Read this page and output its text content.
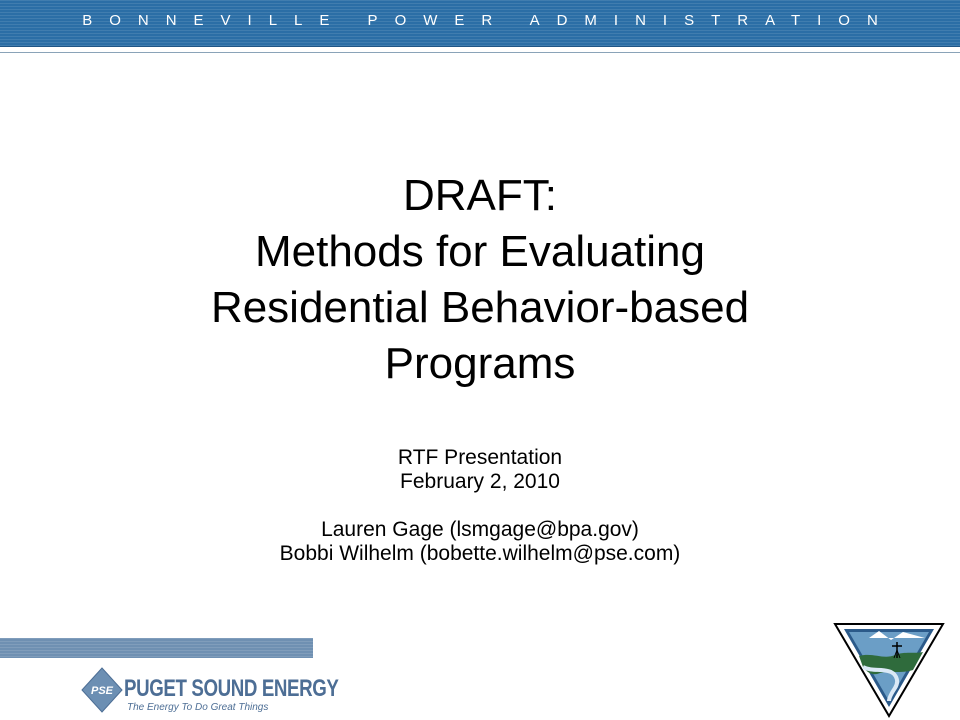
BONNEVILLE POWER ADMINISTRATION
DRAFT:
Methods for Evaluating
Residential Behavior-based
Programs
RTF Presentation
February 2, 2010
Lauren Gage (lsmgage@bpa.gov)
Bobbi Wilhelm (bobette.wilhelm@pse.com)
PSE PUGET SOUND ENERGY
The Energy To Do Great Things
